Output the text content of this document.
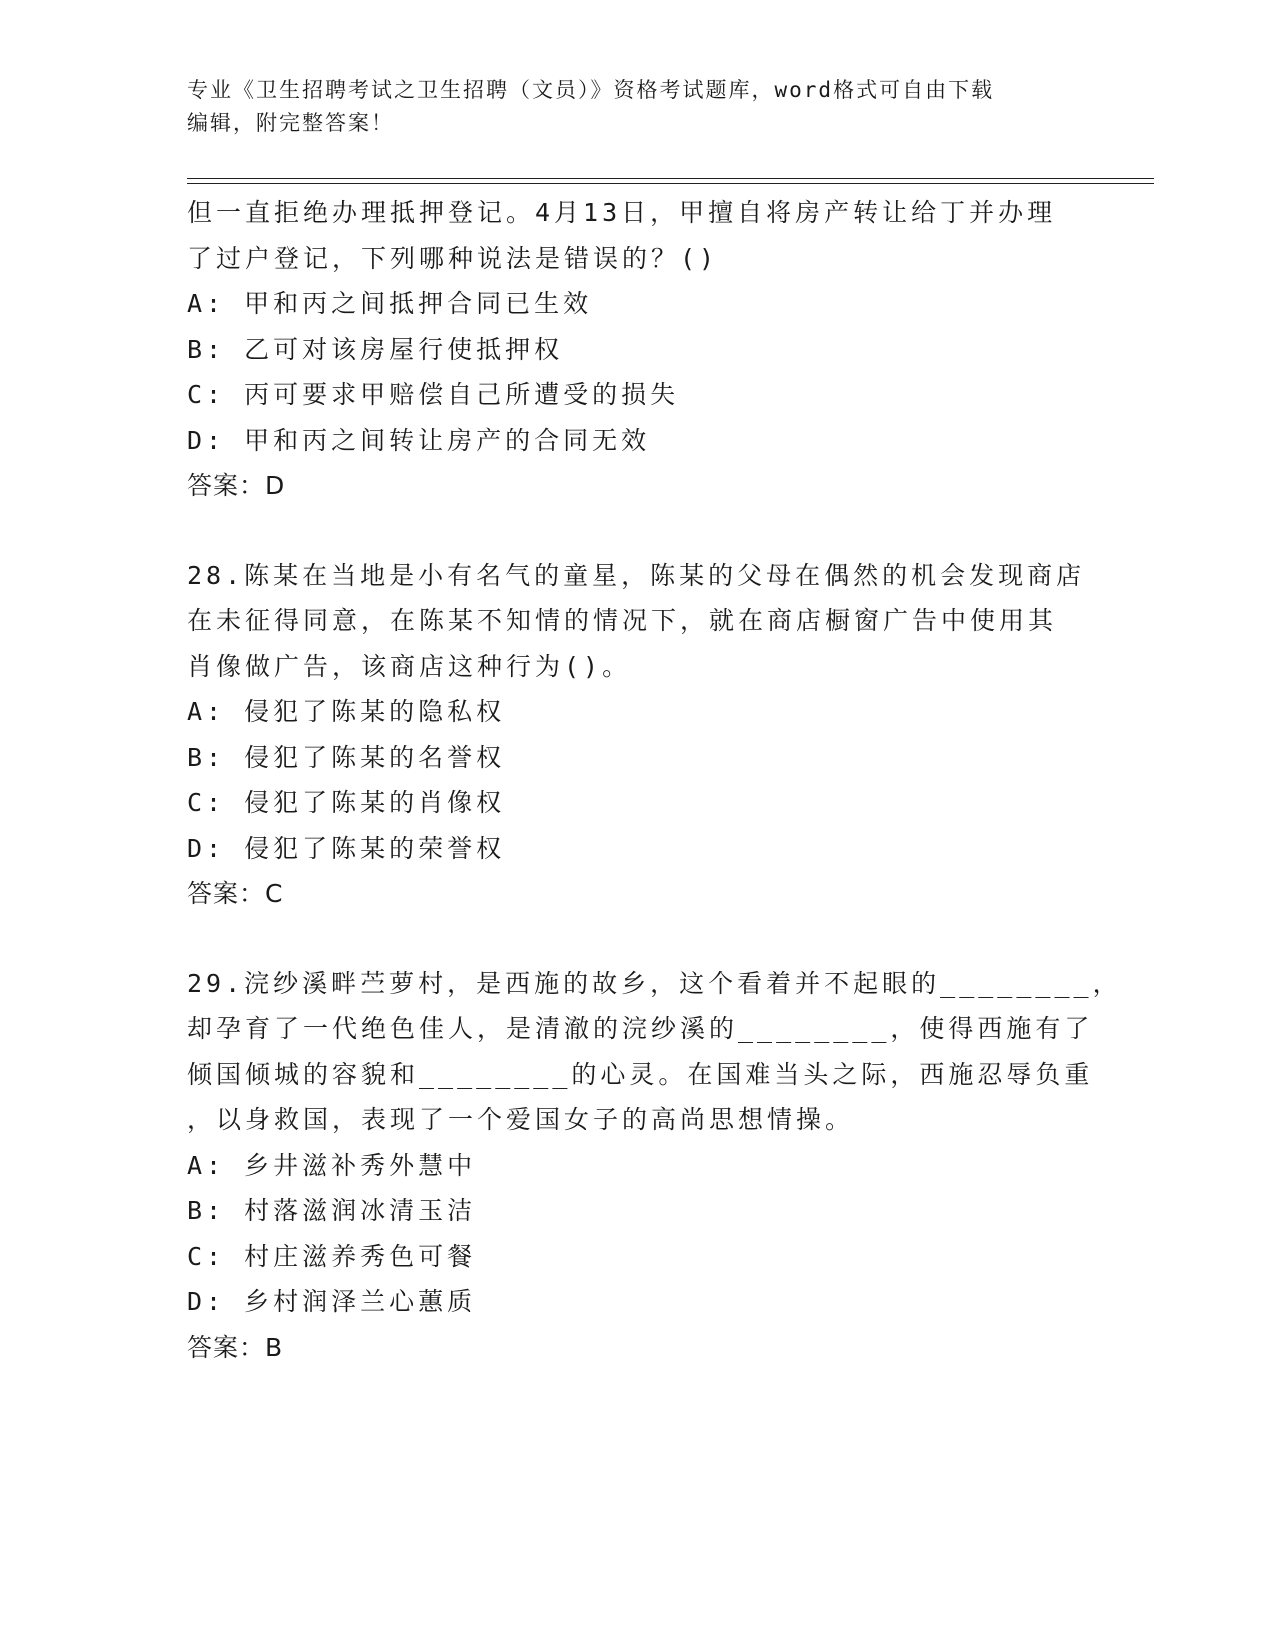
专业《卫生招聘考试之卫生招聘（文员）》资格考试题库，word格式可自由下载
编辑，附完整答案！
但一直拒绝办理抵押登记。4月13日，甲擅自将房产转让给丁并办理
了过户登记，下列哪种说法是错误的？()
A: 甲和丙之间抵押合同已生效
B: 乙可对该房屋行使抵押权
C: 丙可要求甲赔偿自己所遭受的损失
D: 甲和丙之间转让房产的合同无效
答案：D
28.陈某在当地是小有名气的童星，陈某的父母在偶然的机会发现商店
在未征得同意，在陈某不知情的情况下，就在商店橱窗广告中使用其
肖像做广告，该商店这种行为()。
A: 侵犯了陈某的隐私权
B: 侵犯了陈某的名誉权
C: 侵犯了陈某的肖像权
D: 侵犯了陈某的荣誉权
答案：C
29.浣纱溪畔苎萝村，是西施的故乡，这个看着并不起眼的________，
却孕育了一代绝色佳人，是清澈的浣纱溪的________，使得西施有了
倾国倾城的容貌和________的心灵。在国难当头之际，西施忍辱负重
，以身救国，表现了一个爱国女子的高尚思想情操。
A: 乡井滋补秀外慧中
B: 村落滋润冰清玉洁
C: 村庄滋养秀色可餐
D: 乡村润泽兰心蕙质
答案：B
